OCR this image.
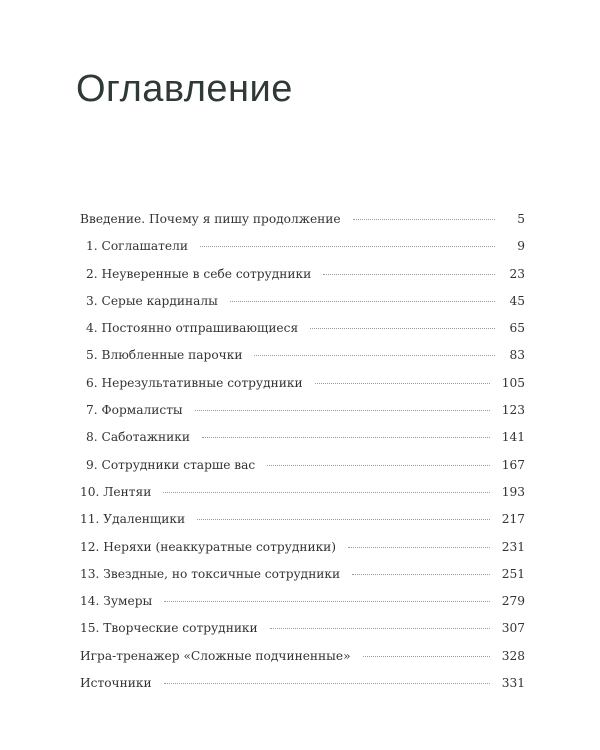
Оглавление
Введение. Почему я пишу продолжение	5
1. Соглашатели	9
2. Неуверенные в себе сотрудники	23
3. Серые кардиналы	45
4. Постоянно отпрашивающиеся	65
5. Влюбленные парочки	83
6. Нерезультативные сотрудники	105
7. Формалисты	123
8. Саботажники	141
9. Сотрудники старше вас	167
10. Лентяи	193
11. Удаленщики	217
12. Неряхи (неаккуратные сотрудники)	231
13. Звездные, но токсичные сотрудники	251
14. Зумеры	279
15. Творческие сотрудники	307
Игра-тренажер «Сложные подчиненные»	328
Источники	331
